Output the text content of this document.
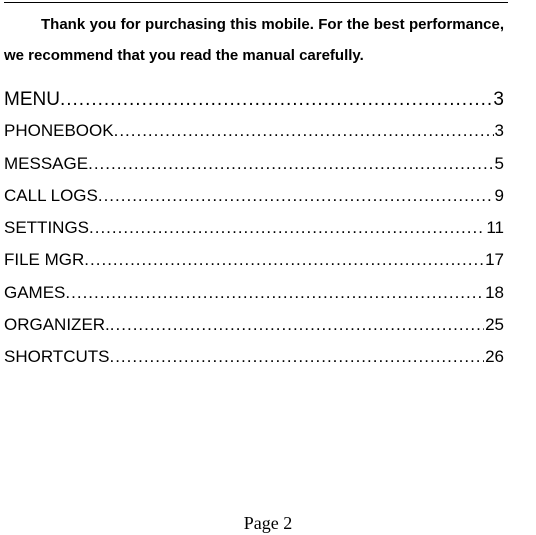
Thank you for purchasing this mobile. For the best performance, we recommend that you read the manual carefully.

MENU .....	3
PHONEBOOK .....	3
MESSAGE .....	5
CALL LOGS .....	9
SETTINGS .....	11
FILE MGR .....	17
GAMES .....	18
ORGANIZER. .....	25
SHORTCUTS .....	26
Page 2
